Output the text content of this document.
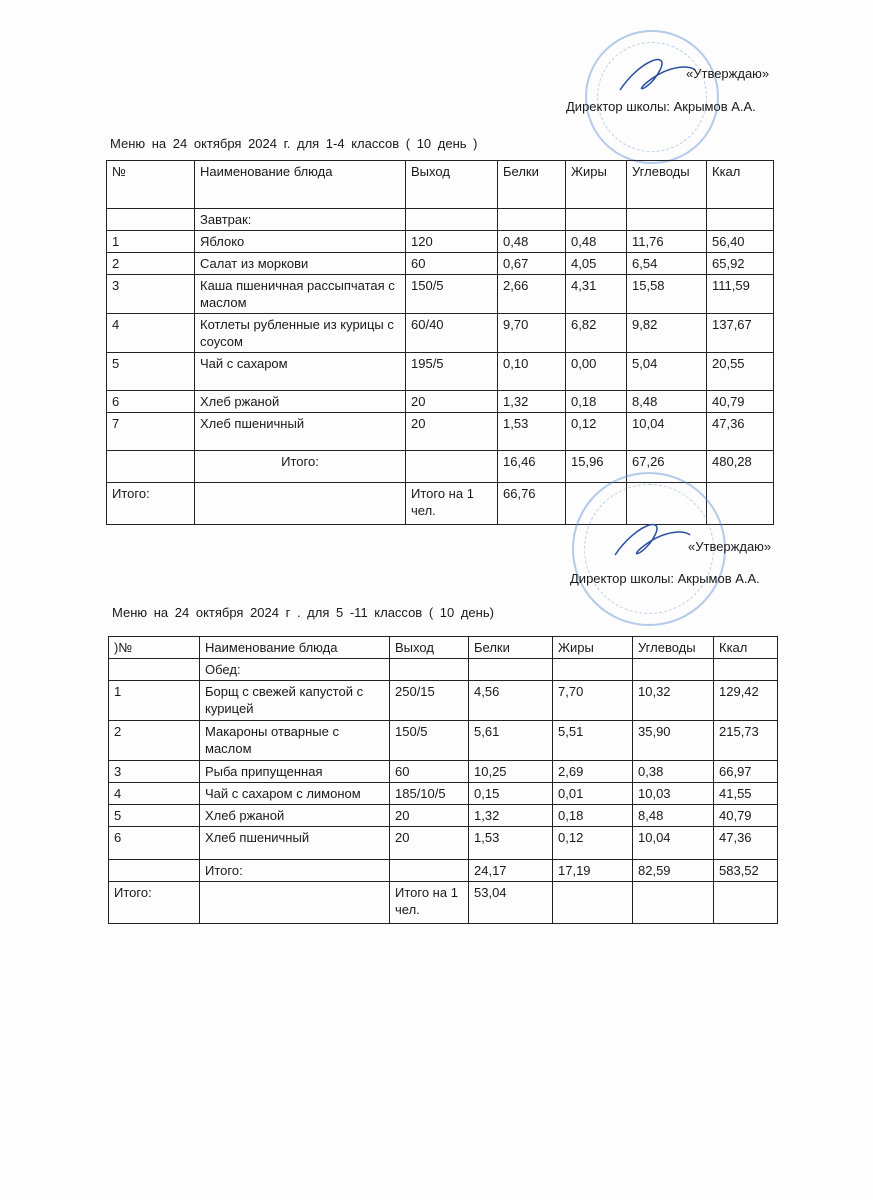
«Утверждаю»
Директор школы: Акрымов А.А.
Меню на 24 октября 2024 г. для 1-4 классов ( 10 день )
№	Наименование блюда	Выход	Белки	Жиры	Углеводы	Ккал
	Завтрак:					
1	Яблоко	120	0,48	0,48	11,76	56,40
2	Салат из моркови	60	0,67	4,05	6,54	65,92
3	Каша пшеничная рассыпчатая с маслом	150/5	2,66	4,31	15,58	111,59
4	Котлеты рубленные из курицы с соусом	60/40	9,70	6,82	9,82	137,67
5	Чай с сахаром	195/5	0,10	0,00	5,04	20,55
6	Хлеб ржаной	20	1,32	0,18	8,48	40,79
7	Хлеб пшеничный	20	1,53	0,12	10,04	47,36
	Итого:		16,46	15,96	67,26	480,28
Итого:		Итого на 1 чел.	66,76			
«Утверждаю»
Директор школы: Акрымов А.А.
Меню на 24 октября 2024 г . для 5 -11 классов ( 10 день)
)№	Наименование блюда	Выход	Белки	Жиры	Углеводы	Ккал
	Обед:					
1	Борщ с свежей капустой с курицей	250/15	4,56	7,70	10,32	129,42
2	Макароны отварные с маслом	150/5	5,61	5,51	35,90	215,73
3	Рыба припущенная	60	10,25	2,69	0,38	66,97
4	Чай с сахаром с лимоном	185/10/5	0,15	0,01	10,03	41,55
5	Хлеб ржаной	20	1,32	0,18	8,48	40,79
6	Хлеб пшеничный	20	1,53	0,12	10,04	47,36
	Итого:		24,17	17,19	82,59	583,52
Итого:		Итого на 1 чел.	53,04			
